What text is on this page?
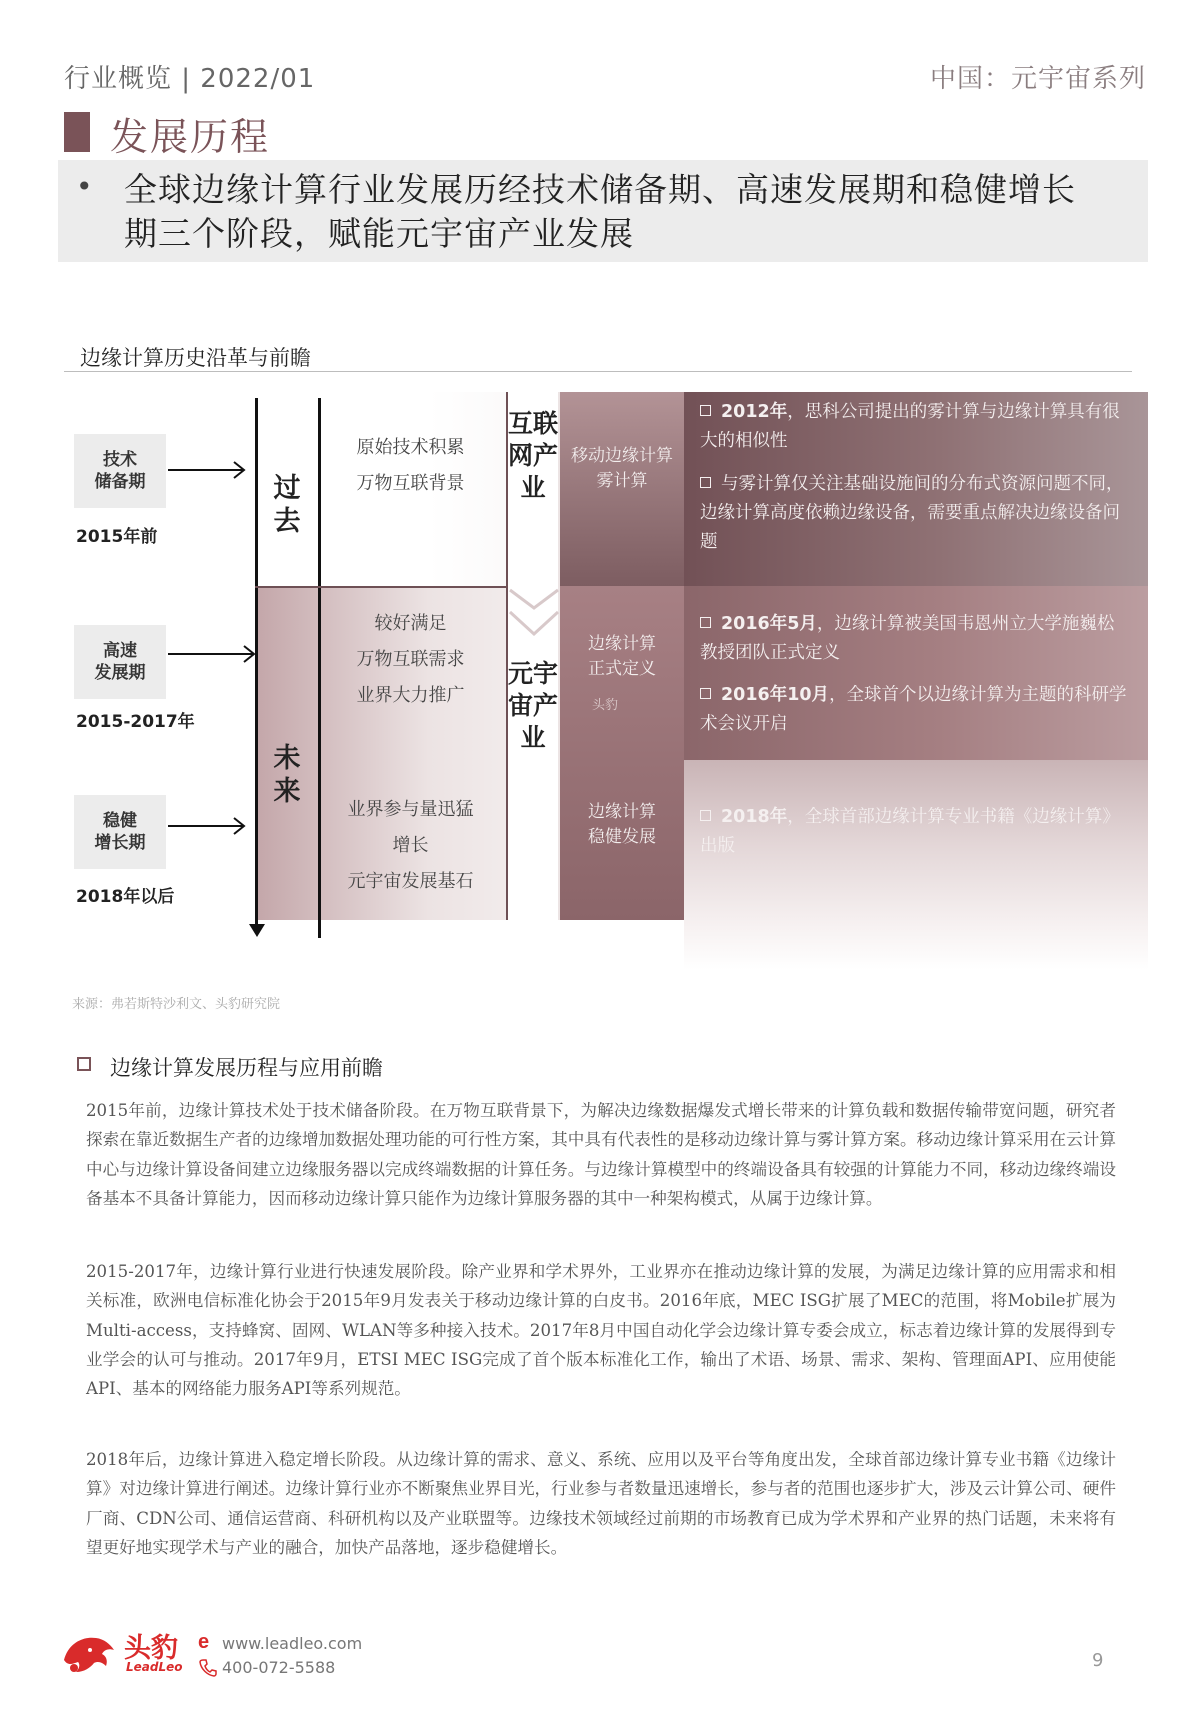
行业概览 | 2022/01	中国：元宇宙系列
发展历程
• 全球边缘计算行业发展历经技术储备期、高速发展期和稳健增长期三个阶段，赋能元宇宙产业发展
边缘计算历史沿革与前瞻
过去
未来
技术
储备期
2015年前
高速
发展期
2015-2017年
稳健
增长期
2018年以后
原始技术积累
万物互联背景
较好满足
万物互联需求
业界大力推广
业界参与量迅猛
增长
元宇宙发展基石
互联网产业
元宇宙产业
移动边缘计算
雾计算
边缘计算
正式定义
头豹
边缘计算
稳健发展
2012年，思科公司提出的雾计算与边缘计算具有很大的相似性
与雾计算仅关注基础设施间的分布式资源问题不同，边缘计算高度依赖边缘设备，需要重点解决边缘设备问题
2016年5月，边缘计算被美国韦恩州立大学施巍松教授团队正式定义
2016年10月，全球首个以边缘计算为主题的科研学术会议开启
2018年，全球首部边缘计算专业书籍《边缘计算》出版
来源：弗若斯特沙利文、头豹研究院
边缘计算发展历程与应用前瞻
2015年前，边缘计算技术处于技术储备阶段。在万物互联背景下，为解决边缘数据爆发式增长带来的计算负载和数据传输带宽问题，研究者探索在靠近数据生产者的边缘增加数据处理功能的可行性方案，其中具有代表性的是移动边缘计算与雾计算方案。移动边缘计算采用在云计算中心与边缘计算设备间建立边缘服务器以完成终端数据的计算任务。与边缘计算模型中的终端设备具有较强的计算能力不同，移动边缘终端设备基本不具备计算能力，因而移动边缘计算只能作为边缘计算服务器的其中一种架构模式，从属于边缘计算。
2015-2017年，边缘计算行业进行快速发展阶段。除产业界和学术界外，工业界亦在推动边缘计算的发展，为满足边缘计算的应用需求和相关标准，欧洲电信标准化协会于2015年9月发表关于移动边缘计算的白皮书。2016年底，MEC ISG扩展了MEC的范围，将Mobile扩展为Multi-access，支持蜂窝、固网、WLAN等多种接入技术。2017年8月中国自动化学会边缘计算专委会成立，标志着边缘计算的发展得到专业学会的认可与推动。2017年9月，ETSI MEC ISG完成了首个版本标准化工作，输出了术语、场景、需求、架构、管理面API、应用使能API、基本的网络能力服务API等系列规范。
2018年后，边缘计算进入稳定增长阶段。从边缘计算的需求、意义、系统、应用以及平台等角度出发，全球首部边缘计算专业书籍《边缘计算》对边缘计算进行阐述。边缘计算行业亦不断聚焦业界目光，行业参与者数量迅速增长，参与者的范围也逐步扩大，涉及云计算公司、硬件厂商、CDN公司、通信运营商、科研机构以及产业联盟等。边缘技术领域经过前期的市场教育已成为学术界和产业界的热门话题，未来将有望更好地实现学术与产业的融合，加快产品落地，逐步稳健增长。
头豹
LeadLeo
e www.leadleo.com
400-072-5588	9
